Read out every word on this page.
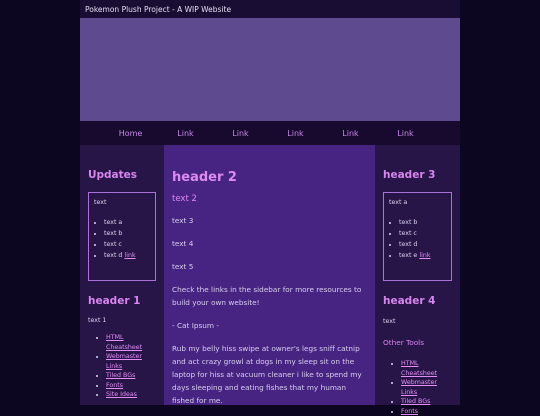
Pokemon Plush Project - A WIP Website
Home	Link	Link	Link	Link	Link
Updates

text

• text a
• text b
• text c
• text d link
header 1

text 1

• HTML Cheatsheet
• Webmaster Links
• Tiled BGs
• Fonts
• Site Ideas
header 2

text 2

text 3

text 4

text 5

Check the links in the sidebar for more resources to build your own website!

- Cat Ipsum -

Rub my belly hiss swipe at owner's legs sniff catnip and act crazy growl at dogs in my sleep sit on the laptop for hiss at vacuum cleaner i like to spend my days sleeping and eating fishes that my human fished for me.

header 3

text a

• text b
• text c
• text d
• text e link
header 4

text

Other Tools

• HTML Cheatsheet
• Webmaster Links
• Tiled BGs
• Fonts
